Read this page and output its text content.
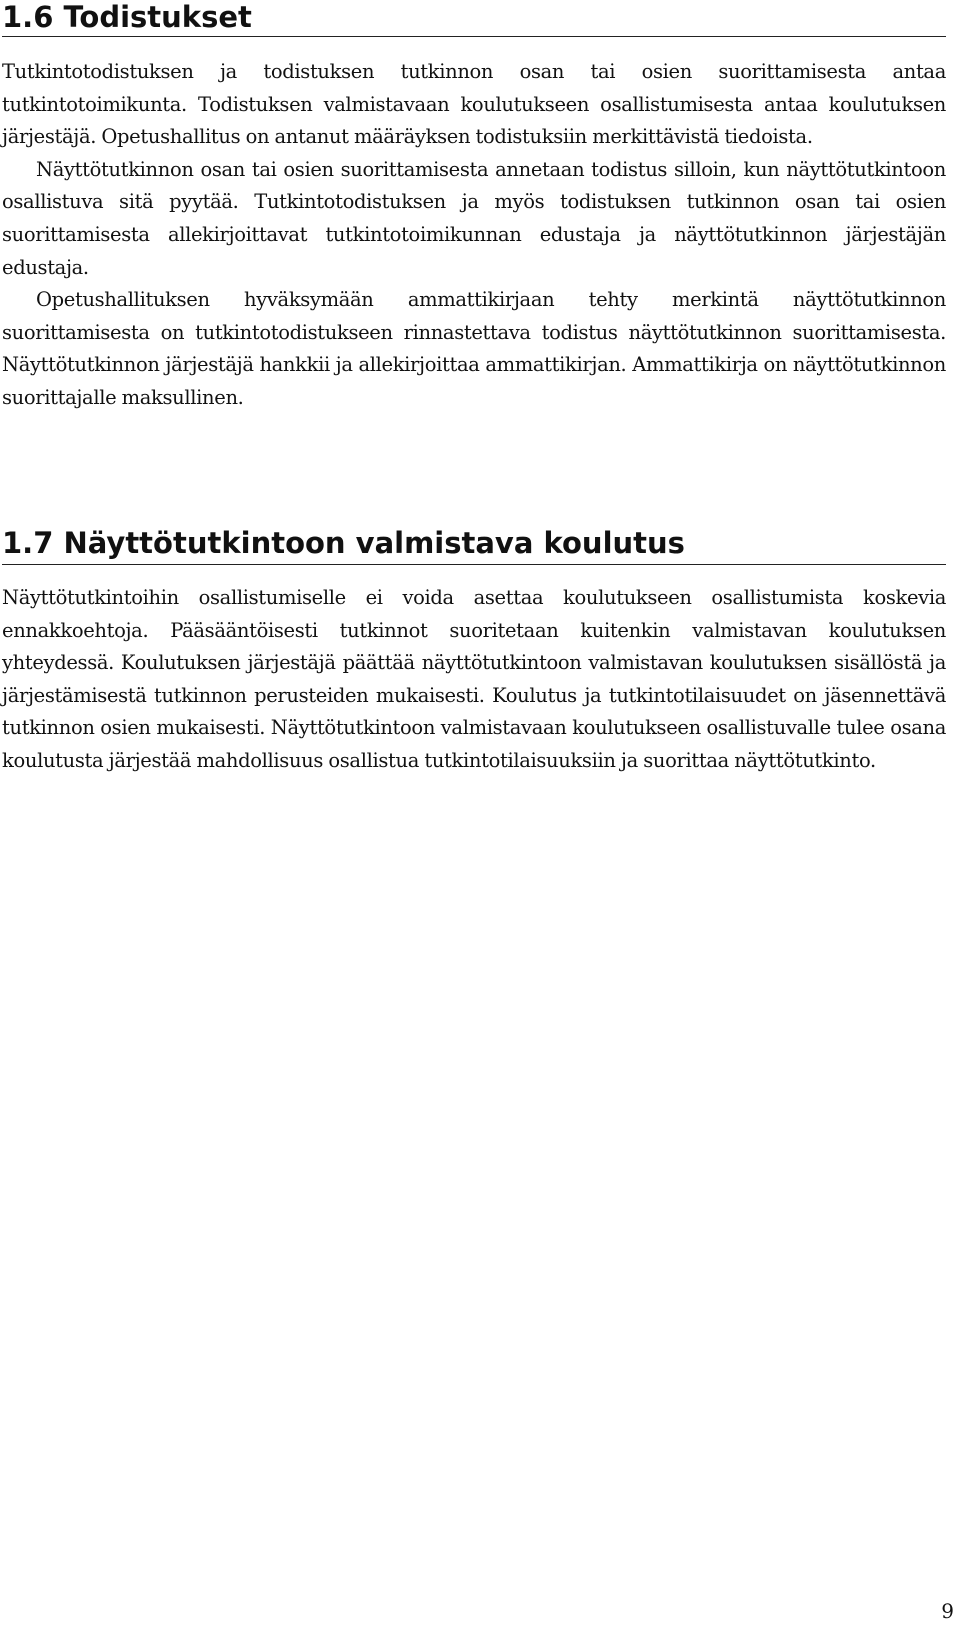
1.6 Todistukset

Tutkintotodistuksen ja todistuksen tutkinnon osan tai osien suorittamisesta antaa tutkintotoimikunta. Todistuksen valmistavaan koulutukseen osallistumisesta antaa koulutuksen järjestäjä. Opetushallitus on antanut määräyksen todistuksiin merkittävistä tiedoista.

Näyttötutkinnon osan tai osien suorittamisesta annetaan todistus silloin, kun näyttötutkintoon osallistuva sitä pyytää. Tutkintotodistuksen ja myös todistuksen tutkinnon osan tai osien suorittamisesta allekirjoittavat tutkintotoimikunnan edustaja ja näyttötutkinnon järjestäjän edustaja.

Opetushallituksen hyväksymään ammattikirjaan tehty merkintä näyttötutkinnon suorittamisesta on tutkintotodistukseen rinnastettava todistus näyttötutkinnon suorittamisesta. Näyttötutkinnon järjestäjä hankkii ja allekirjoittaa ammattikirjan. Ammattikirja on näyttötutkinnon suorittajalle maksullinen.

1.7 Näyttötutkintoon valmistava koulutus

Näyttötutkintoihin osallistumiselle ei voida asettaa koulutukseen osallistumista koskevia ennakkoehtoja. Pääsääntöisesti tutkinnot suoritetaan kuitenkin valmistavan koulutuksen yhteydessä. Koulutuksen järjestäjä päättää näyttötutkintoon valmistavan koulutuksen sisällöstä ja järjestämisestä tutkinnon perusteiden mukaisesti. Koulutus ja tutkintotilaisuudet on jäsennettävä tutkinnon osien mukaisesti. Näyttötutkintoon valmistavaan koulutukseen osallistuvalle tulee osana koulutusta järjestää mahdollisuus osallistua tutkintotilaisuuksiin ja suorittaa näyttötutkinto.

9
